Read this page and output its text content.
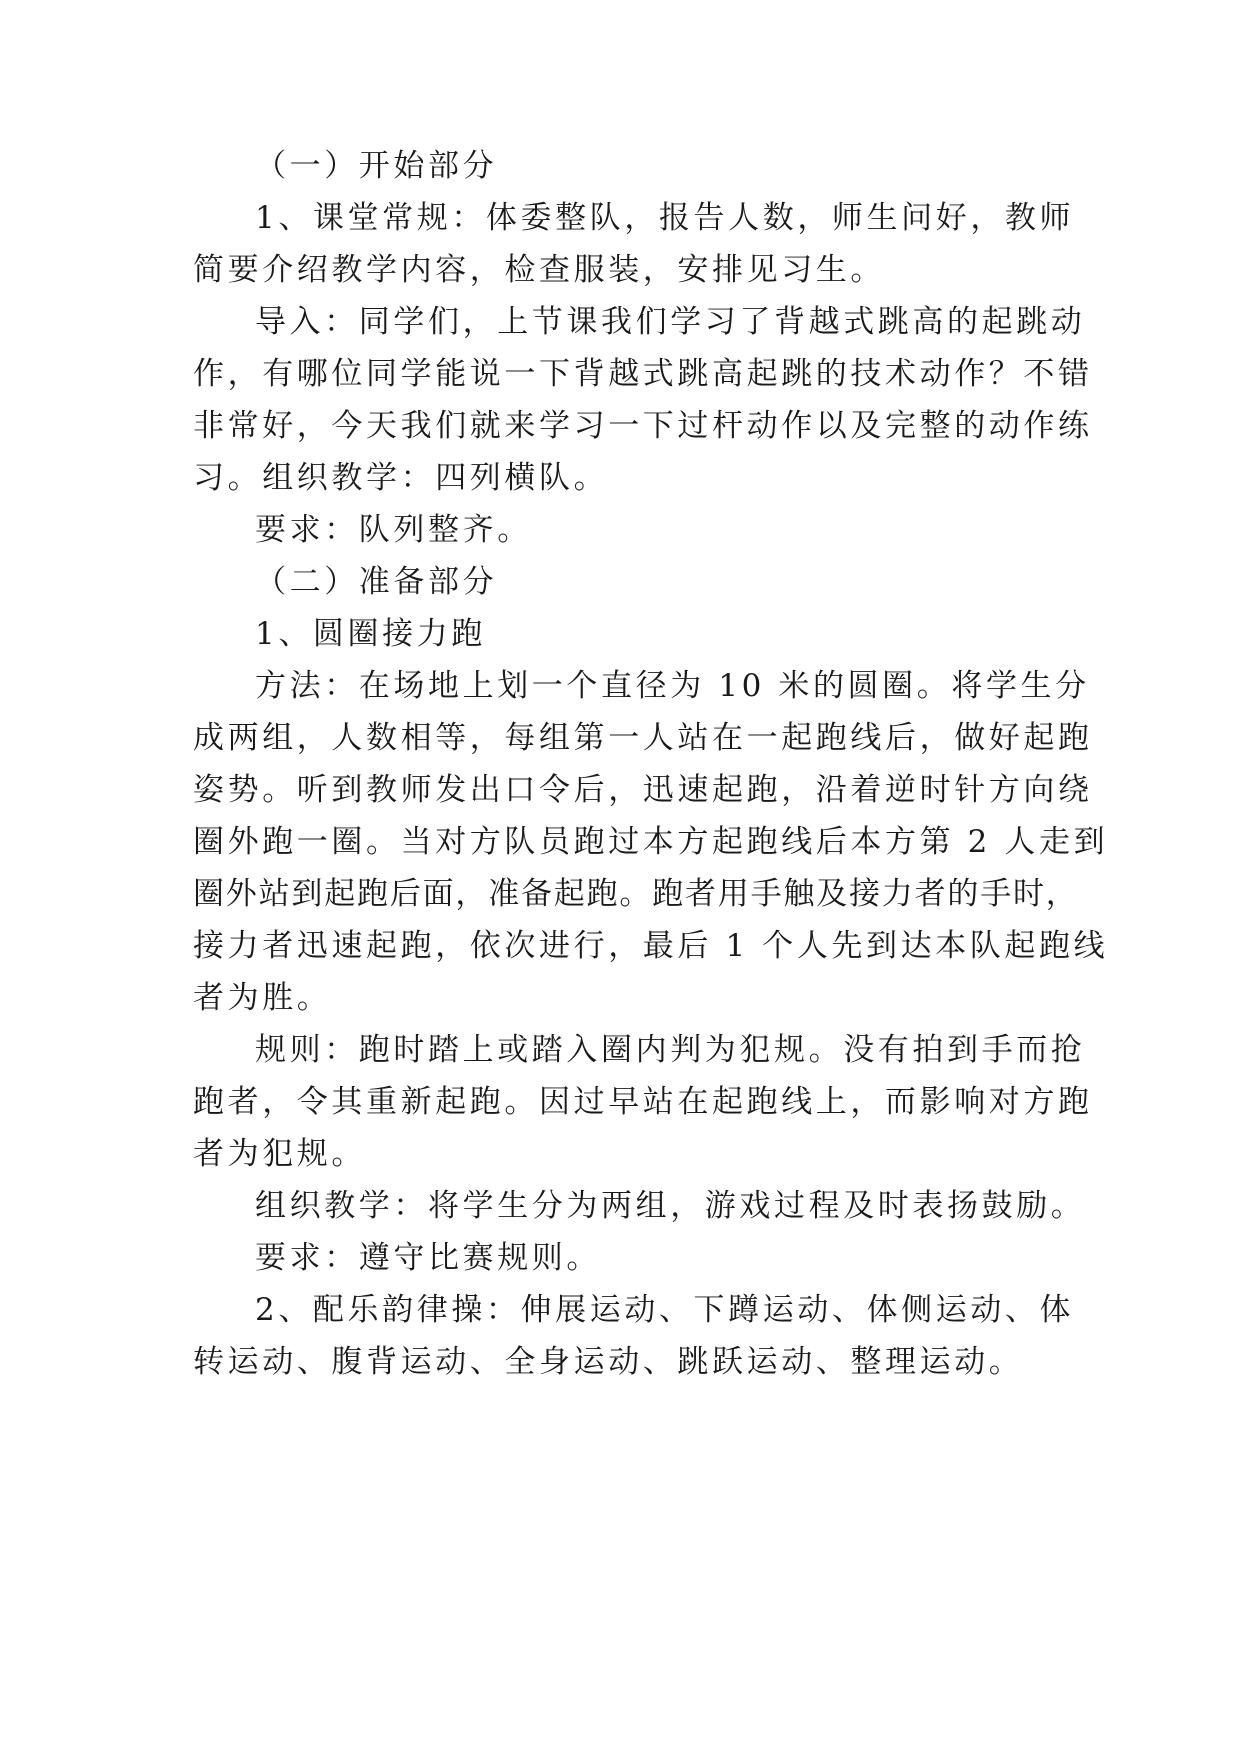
（一）开始部分
1、课堂常规：体委整队，报告人数，师生问好，教师
简要介绍教学内容，检查服装，安排见习生。
导入：同学们，上节课我们学习了背越式跳高的起跳动
作，有哪位同学能说一下背越式跳高起跳的技术动作？不错
非常好，今天我们就来学习一下过杆动作以及完整的动作练
习。组织教学：四列横队。
要求：队列整齐。
（二）准备部分
1、圆圈接力跑
方法：在场地上划一个直径为 10 米的圆圈。将学生分
成两组，人数相等，每组第一人站在一起跑线后，做好起跑
姿势。听到教师发出口令后，迅速起跑，沿着逆时针方向绕
圈外跑一圈。当对方队员跑过本方起跑线后本方第 2 人走到
圈外站到起跑后面，准备起跑。跑者用手触及接力者的手时，
接力者迅速起跑，依次进行，最后 1 个人先到达本队起跑线
者为胜。
规则：跑时踏上或踏入圈内判为犯规。没有拍到手而抢
跑者，令其重新起跑。因过早站在起跑线上，而影响对方跑
者为犯规。
组织教学：将学生分为两组，游戏过程及时表扬鼓励。
要求：遵守比赛规则。
2、配乐韵律操：伸展运动、下蹲运动、体侧运动、体
转运动、腹背运动、全身运动、跳跃运动、整理运动。
